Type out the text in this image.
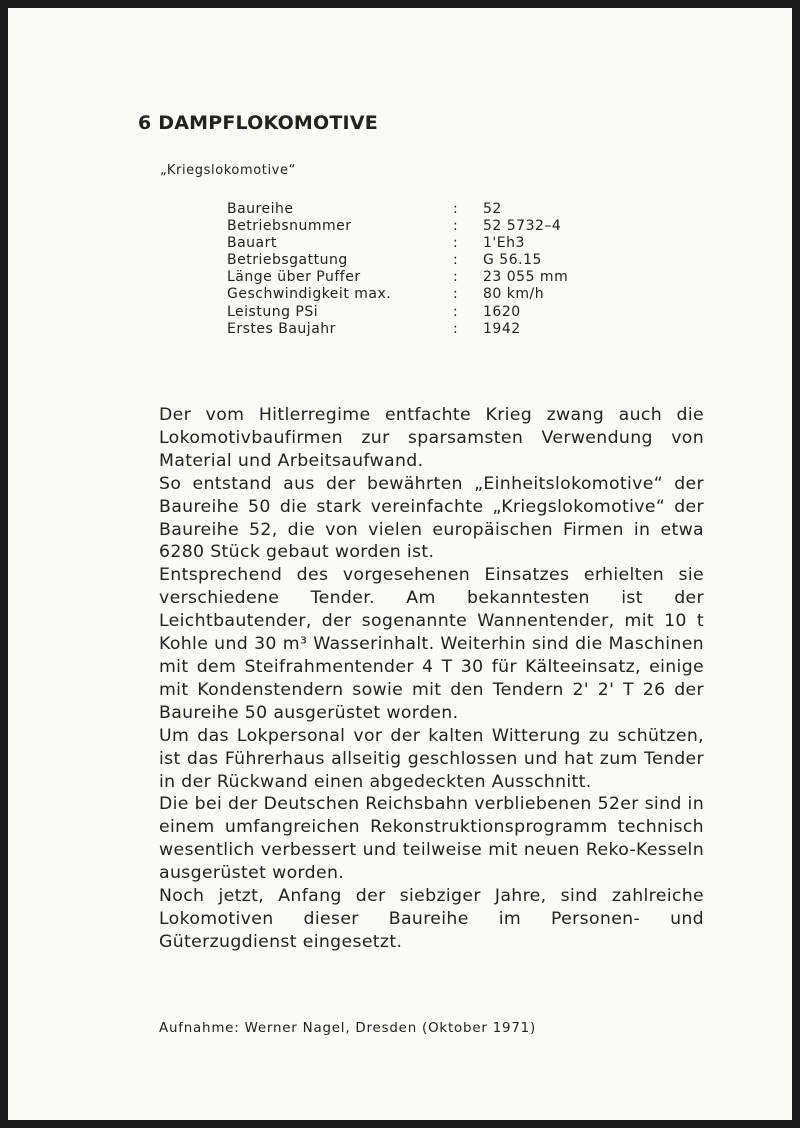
6 DAMPFLOKOMOTIVE
„Kriegslokomotive“
Baureihe	:	52
Betriebsnummer	:	52 5732–4
Bauart	:	1'Eh3
Betriebsgattung	:	G 56.15
Länge über Puffer	:	23 055 mm
Geschwindigkeit max.	:	80 km/h
Leistung PSi	:	1620
Erstes Baujahr	:	1942

Der vom Hitlerregime entfachte Krieg zwang auch die Lokomotivbaufirmen zur sparsamsten Verwendung von Material und Arbeitsaufwand.

So entstand aus der bewährten „Einheitslokomotive“ der Baureihe 50 die stark vereinfachte „Kriegslokomotive“ der Baureihe 52, die von vielen europäischen Firmen in etwa 6280 Stück gebaut worden ist.

Entsprechend des vorgesehenen Einsatzes erhielten sie verschiedene Tender. Am bekanntesten ist der Leichtbautender, der sogenannte Wannentender, mit 10 t Kohle und 30 m³ Wasserinhalt. Weiterhin sind die Maschinen mit dem Steifrahmentender 4 T 30 für Kälteeinsatz, einige mit Kondenstendern sowie mit den Tendern 2' 2' T 26 der Baureihe 50 ausgerüstet worden.

Um das Lokpersonal vor der kalten Witterung zu schützen, ist das Führerhaus allseitig geschlossen und hat zum Tender in der Rückwand einen abgedeckten Ausschnitt.

Die bei der Deutschen Reichsbahn verbliebenen 52er sind in einem umfangreichen Rekonstruktionsprogramm technisch wesentlich verbessert und teilweise mit neuen Reko-Kesseln ausgerüstet worden.

Noch jetzt, Anfang der siebziger Jahre, sind zahlreiche Lokomotiven dieser Baureihe im Personen- und Güterzugdienst eingesetzt.

Aufnahme: Werner Nagel, Dresden (Oktober 1971)
